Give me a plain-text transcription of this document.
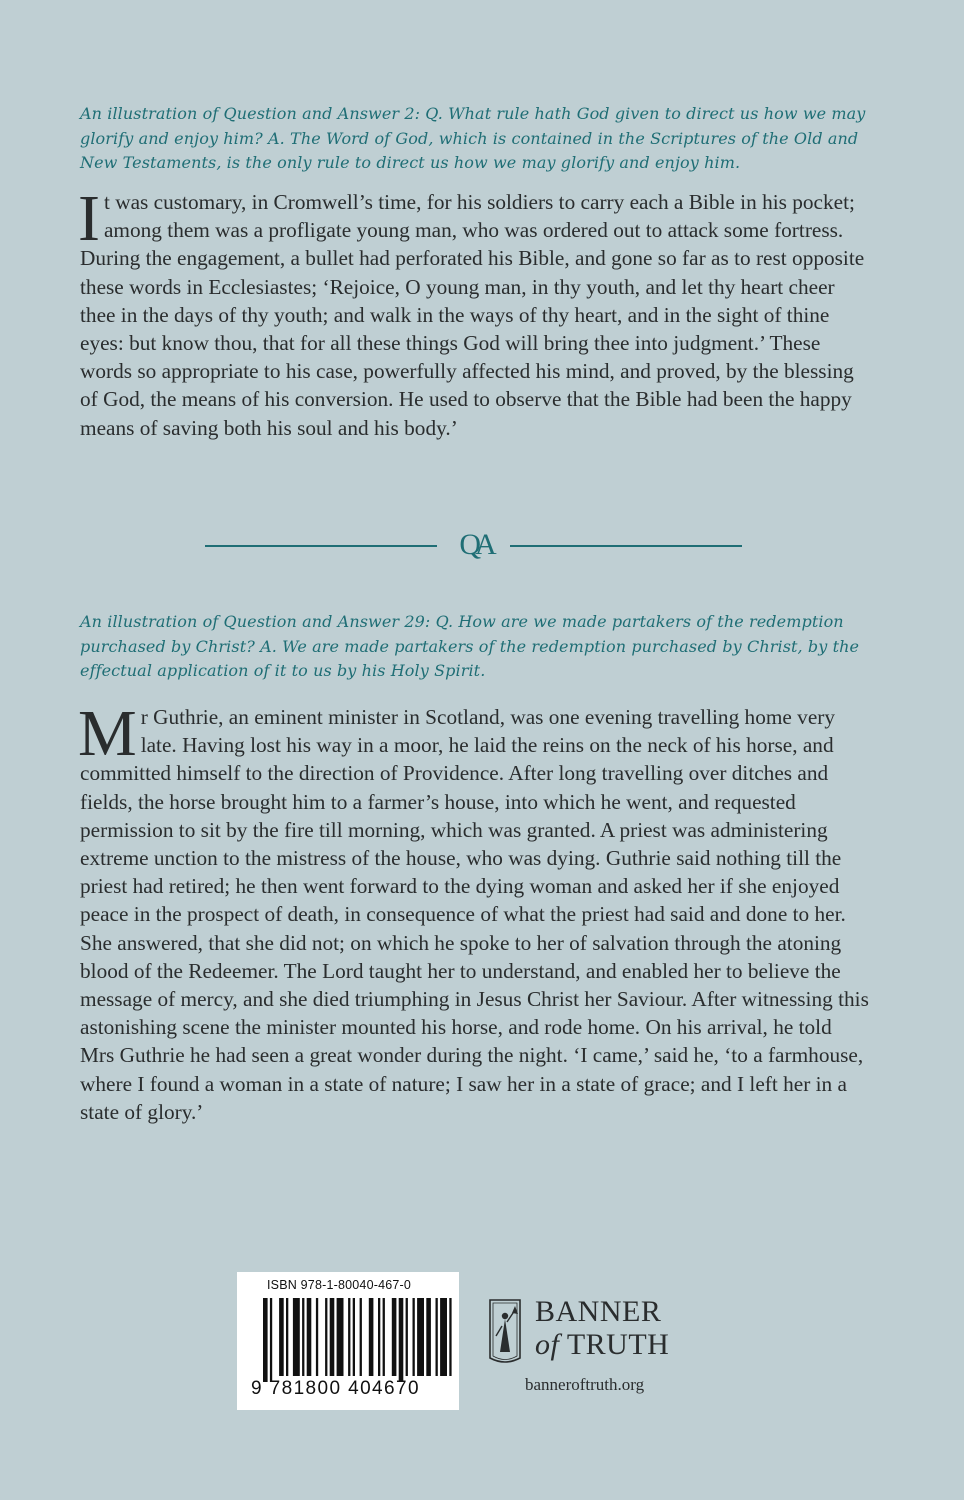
An illustration of Question and Answer 2: Q. What rule hath God given to direct us how we may glorify and enjoy him? A. The Word of God, which is contained in the Scriptures of the Old and New Testaments, is the only rule to direct us how we may glorify and enjoy him.

It was customary, in Cromwell’s time, for his soldiers to carry each a Bible in his pocket; among them was a profligate young man, who was ordered out to attack some fortress. During the engagement, a bullet had perforated his Bible, and gone so far as to rest opposite these words in Ecclesiastes; ‘Rejoice, O young man, in thy youth, and let thy heart cheer thee in the days of thy youth; and walk in the ways of thy heart, and in the sight of thine eyes: but know thou, that for all these things God will bring thee into judgment.’ These words so appropriate to his case, powerfully affected his mind, and proved, by the blessing of God, the means of his conversion. He used to observe that the Bible had been the happy means of saving both his soul and his body.’

QA

An illustration of Question and Answer 29: Q. How are we made partakers of the redemption purchased by Christ? A. We are made partakers of the redemption purchased by Christ, by the effectual application of it to us by his Holy Spirit.

Mr Guthrie, an eminent minister in Scotland, was one evening travelling home very late. Having lost his way in a moor, he laid the reins on the neck of his horse, and committed himself to the direction of Providence. After long travelling over ditches and fields, the horse brought him to a farmer’s house, into which he went, and requested permission to sit by the fire till morning, which was granted. A priest was administering extreme unction to the mistress of the house, who was dying. Guthrie said nothing till the priest had retired; he then went forward to the dying woman and asked her if she enjoyed peace in the prospect of death, in consequence of what the priest had said and done to her. She answered, that she did not; on which he spoke to her of salvation through the atoning blood of the Redeemer. The Lord taught her to understand, and enabled her to believe the message of mercy, and she died triumphing in Jesus Christ her Saviour. After witnessing this astonishing scene the minister mounted his horse, and rode home. On his arrival, he told Mrs Guthrie he had seen a great wonder during the night. ‘I came,’ said he, ‘to a farmhouse, where I found a woman in a state of nature; I saw her in a state of grace; and I left her in a state of glory.’

ISBN 978-1-80040-467-0
9 781800 404670
BANNER
of TRUTH
banneroftruth.org
